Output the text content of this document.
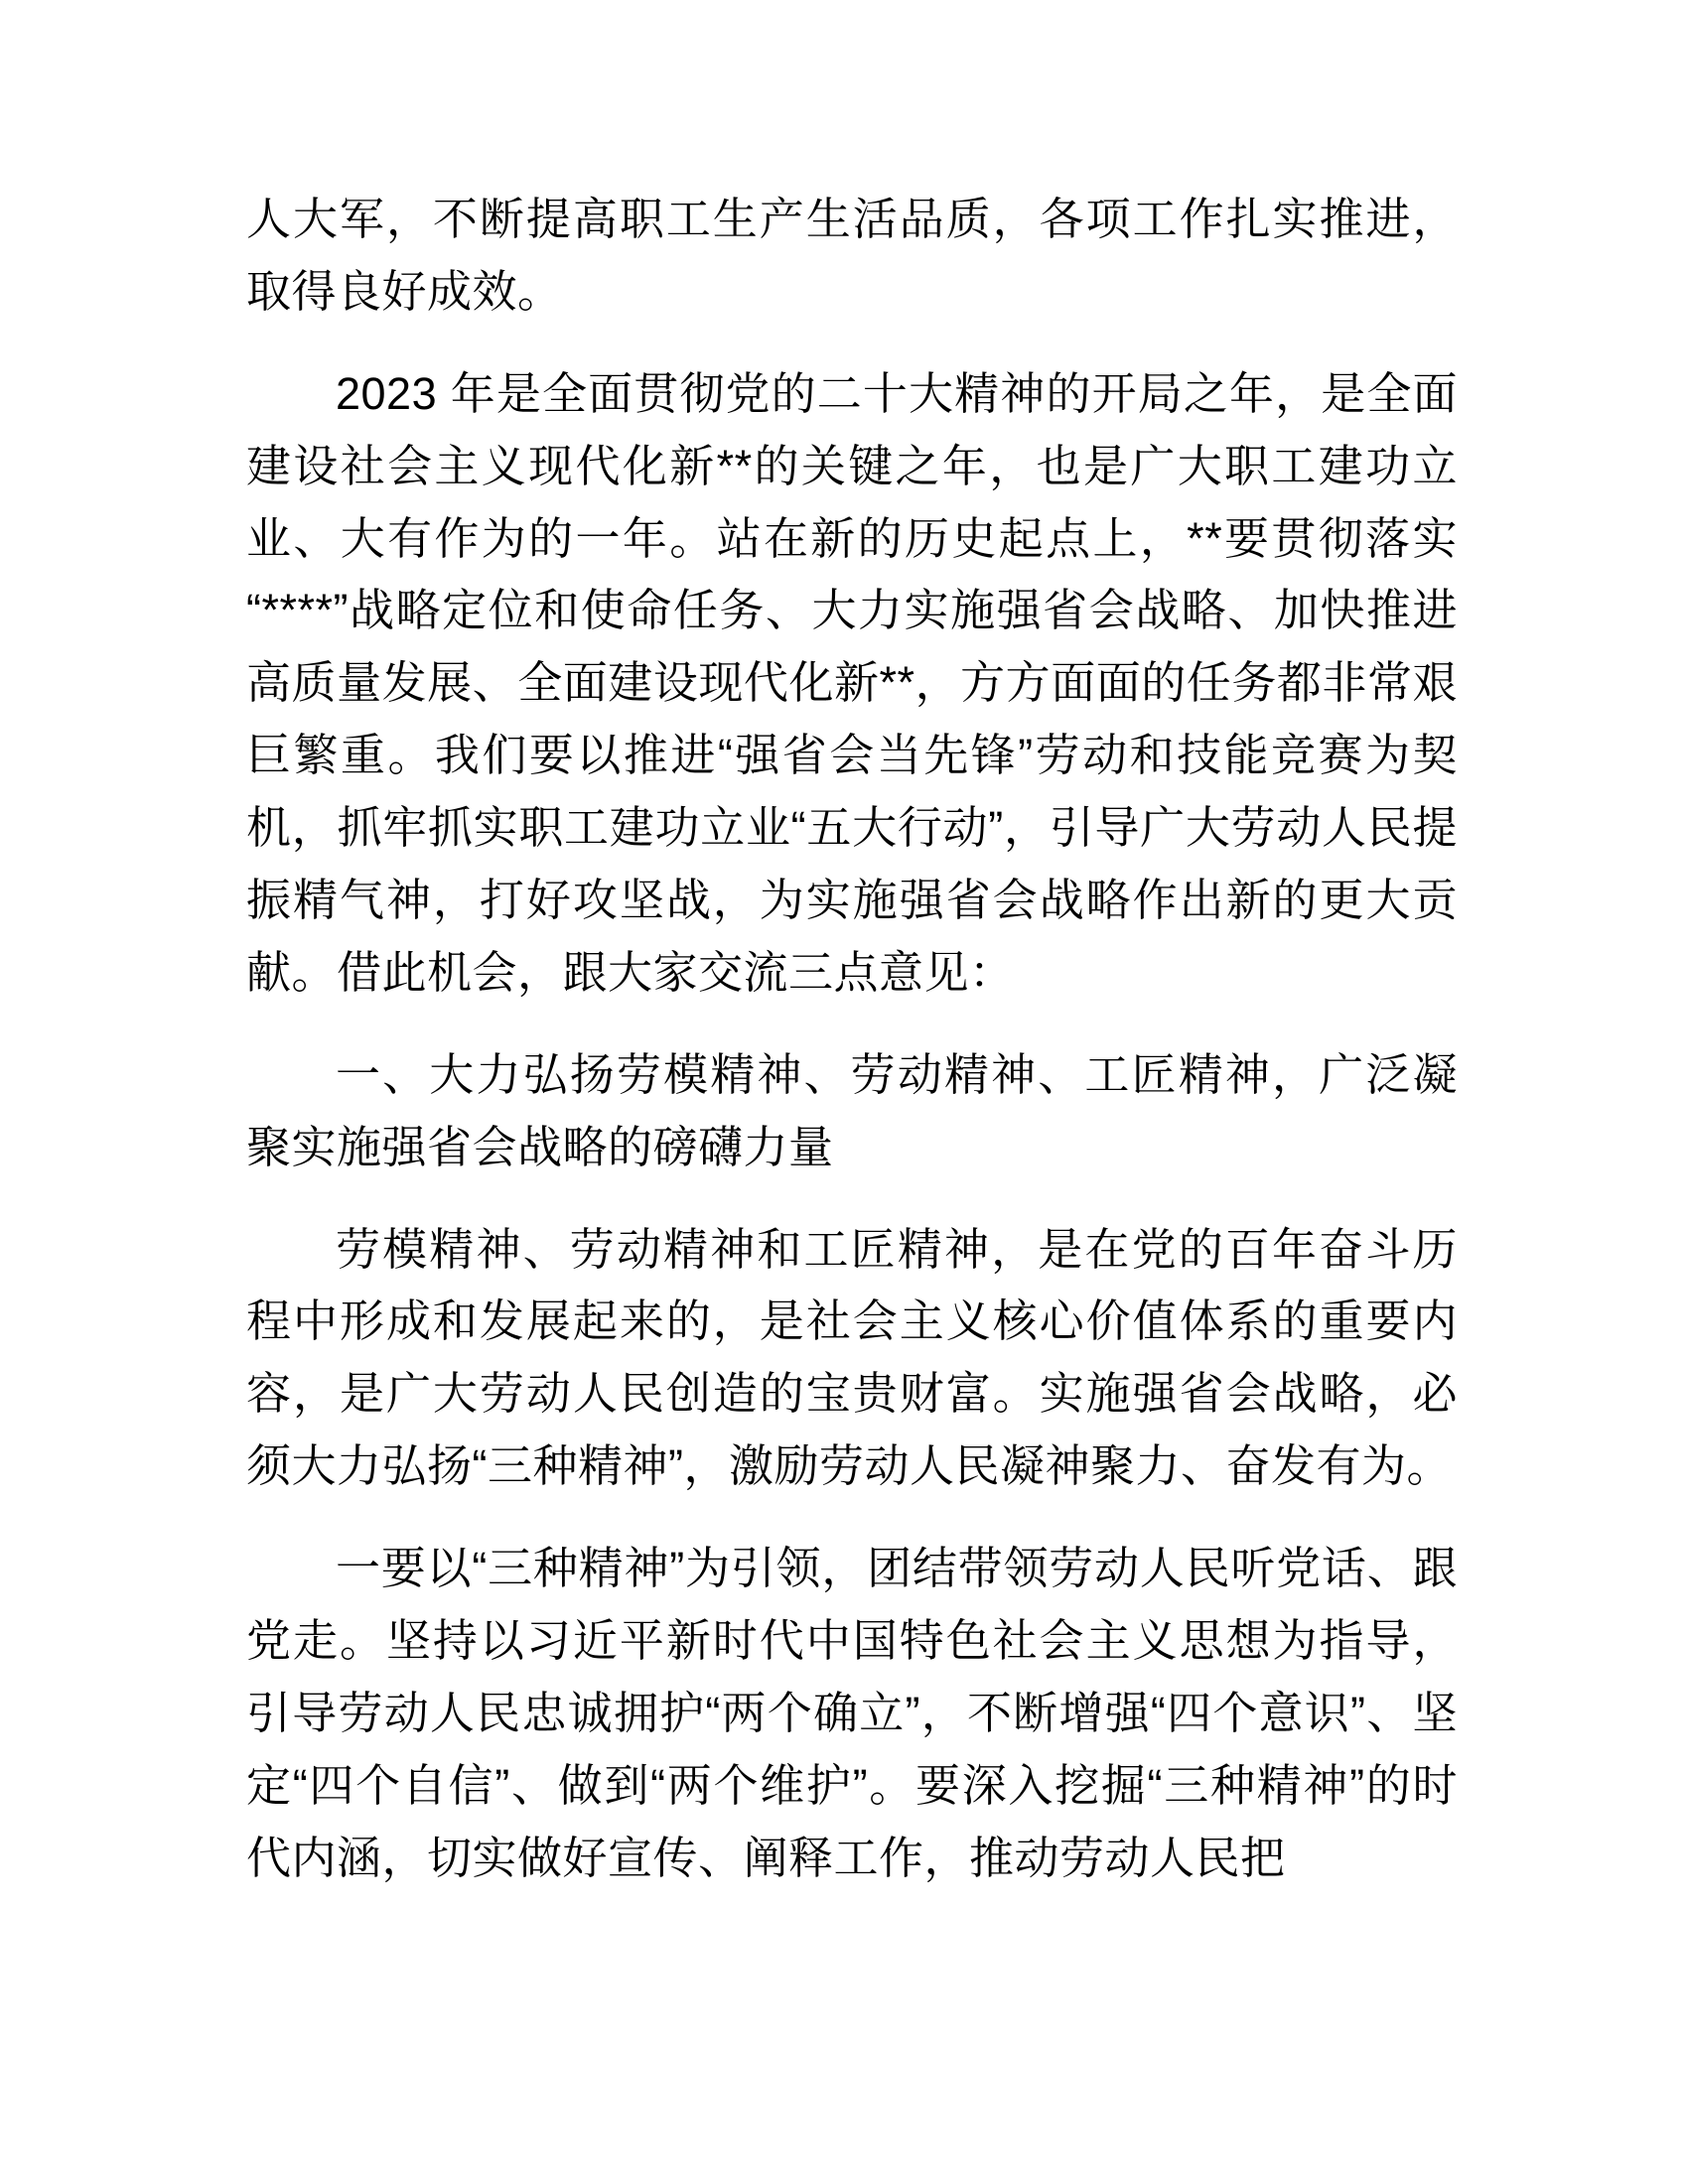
人大军，不断提高职工生产生活品质，各项工作扎实推进，取得良好成效。

2023 年是全面贯彻党的二十大精神的开局之年，是全面建设社会主义现代化新**的关键之年，也是广大职工建功立业、大有作为的一年。站在新的历史起点上，**要贯彻落实“****”战略定位和使命任务、大力实施强省会战略、加快推进高质量发展、全面建设现代化新**，方方面面的任务都非常艰巨繁重。我们要以推进“强省会当先锋”劳动和技能竞赛为契机，抓牢抓实职工建功立业“五大行动”，引导广大劳动人民提振精气神，打好攻坚战，为实施强省会战略作出新的更大贡献。借此机会，跟大家交流三点意见：

一、大力弘扬劳模精神、劳动精神、工匠精神，广泛凝聚实施强省会战略的磅礴力量

劳模精神、劳动精神和工匠精神，是在党的百年奋斗历程中形成和发展起来的，是社会主义核心价值体系的重要内容，是广大劳动人民创造的宝贵财富。实施强省会战略，必须大力弘扬“三种精神”，激励劳动人民凝神聚力、奋发有为。

一要以“三种精神”为引领，团结带领劳动人民听党话、跟党走。坚持以习近平新时代中国特色社会主义思想为指导，引导劳动人民忠诚拥护“两个确立”，不断增强“四个意识”、坚定“四个自信”、做到“两个维护”。要深入挖掘“三种精神”的时代内涵，切实做好宣传、阐释工作，推动劳动人民把
